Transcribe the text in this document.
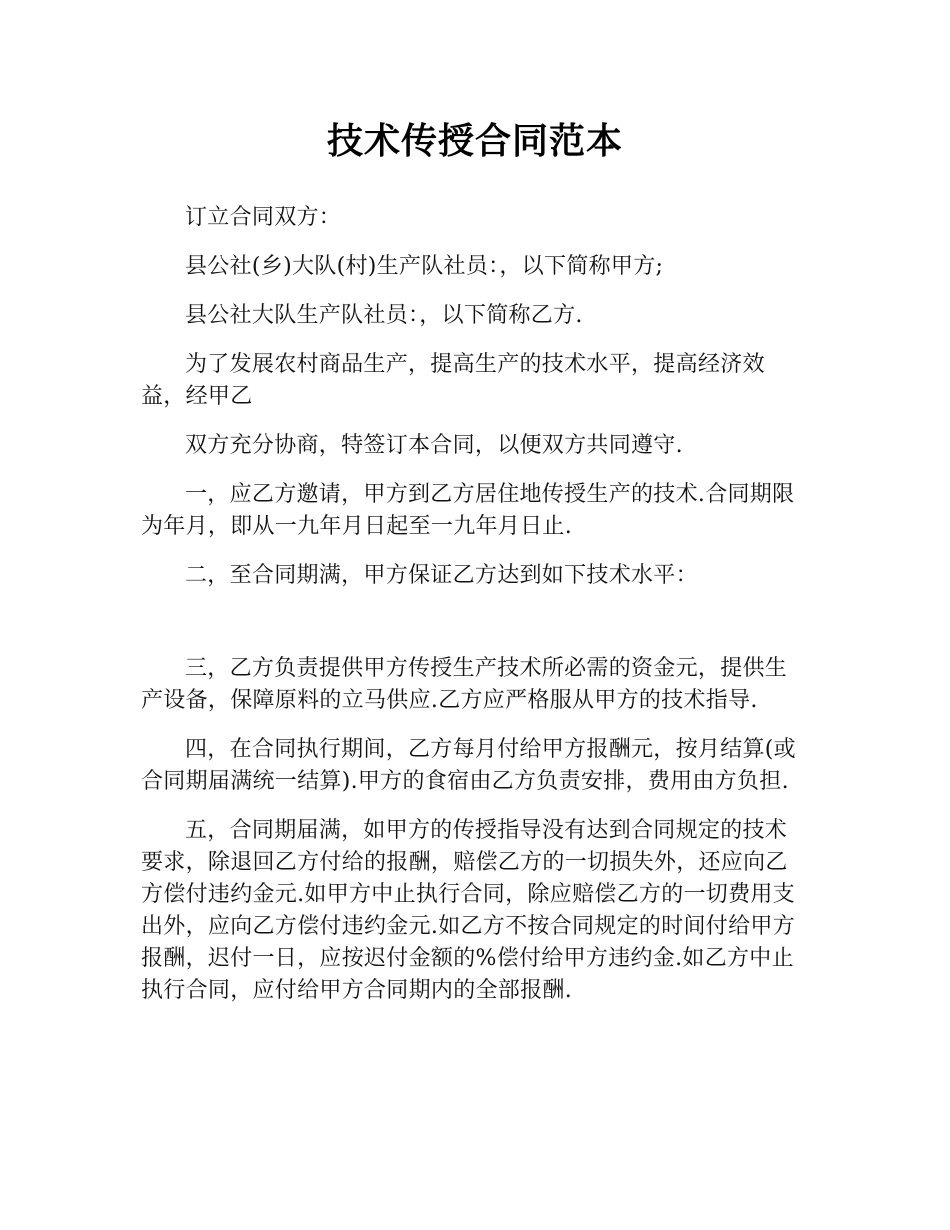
技术传授合同范本

订立合同双方：

县公社(乡)大队(村)生产队社员：，以下简称甲方;

县公社大队生产队社员：，以下简称乙方.

为了发展农村商品生产，提高生产的技术水平，提高经济效益，经甲乙

双方充分协商，特签订本合同，以便双方共同遵守.

一，应乙方邀请，甲方到乙方居住地传授生产的技术.合同期限为年月，即从一九年月日起至一九年月日止.

二，至合同期满，甲方保证乙方达到如下技术水平：

三，乙方负责提供甲方传授生产技术所必需的资金元，提供生产设备，保障原料的立马供应.乙方应严格服从甲方的技术指导.

四，在合同执行期间，乙方每月付给甲方报酬元，按月结算(或合同期届满统一结算).甲方的食宿由乙方负责安排，费用由方负担.

五，合同期届满，如甲方的传授指导没有达到合同规定的技术要求，除退回乙方付给的报酬，赔偿乙方的一切损失外，还应向乙方偿付违约金元.如甲方中止执行合同，除应赔偿乙方的一切费用支出外，应向乙方偿付违约金元.如乙方不按合同规定的时间付给甲方报酬，迟付一日，应按迟付金额的%偿付给甲方违约金.如乙方中止执行合同，应付给甲方合同期内的全部报酬.
